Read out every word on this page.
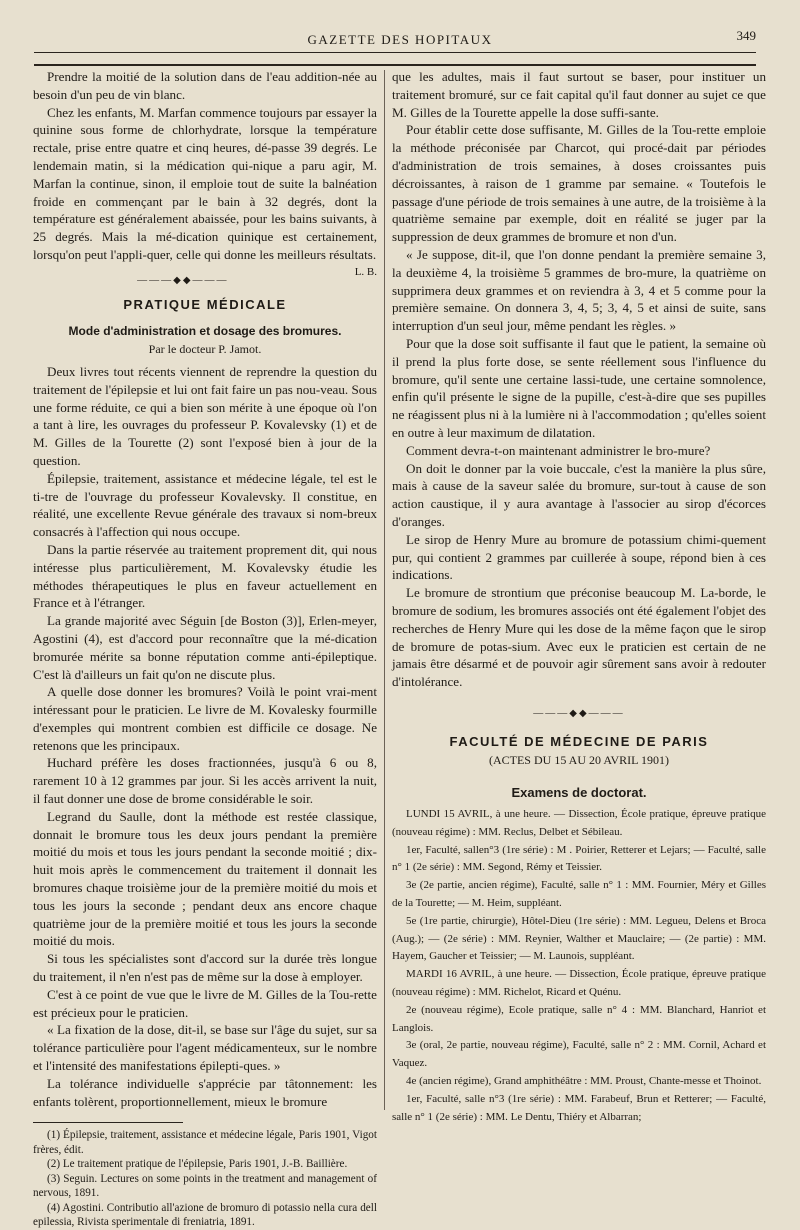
GAZETTE DES HOPITAUX	349

Prendre la moitié de la solution dans de l'eau addition-née au besoin d'un peu de vin blanc.

Chez les enfants, M. Marfan commence toujours par essayer la quinine sous forme de chlorhydrate, lorsque la température rectale, prise entre quatre et cinq heures, dé-passe 39 degrés. Le lendemain matin, si la médication qui-nique a paru agir, M. Marfan la continue, sinon, il emploie tout de suite la balnéation froide en commençant par le bain à 32 degrés, dont la température est généralement abaissée, pour les bains suivants, à 25 degrés. Mais la mé-dication quinique est certainement, lorsqu'on peut l'appli-quer, celle qui donne les meilleurs résultats.
L. B.

———◆◆———
PRATIQUE MÉDICALE
Mode d'administration et dosage des bromures.
Par le docteur P. Jamot.

Deux livres tout récents viennent de reprendre la question du traitement de l'épilepsie et lui ont fait faire un pas nou-veau. Sous une forme réduite, ce qui a bien son mérite à une époque où l'on a tant à lire, les ouvrages du professeur P. Kovalevsky (1) et de M. Gilles de la Tourette (2) sont l'exposé bien à jour de la question.

Épilepsie, traitement, assistance et médecine légale, tel est le ti-tre de l'ouvrage du professeur Kovalevsky. Il constitue, en réalité, une excellente Revue générale des travaux si nom-breux consacrés à l'affection qui nous occupe.

Dans la partie réservée au traitement proprement dit, qui nous intéresse plus particulièrement, M. Kovalevsky étudie les méthodes thérapeutiques le plus en faveur actuellement en France et à l'étranger.

La grande majorité avec Séguin [de Boston (3)], Erlen-meyer, Agostini (4), est d'accord pour reconnaître que la mé-dication bromurée mérite sa bonne réputation comme anti-épileptique. C'est là d'ailleurs un fait qu'on ne discute plus.

A quelle dose donner les bromures? Voilà le point vrai-ment intéressant pour le praticien. Le livre de M. Kovalesky fourmille d'exemples qui montrent combien est difficile ce dosage. Ne retenons que les principaux.

Huchard préfère les doses fractionnées, jusqu'à 6 ou 8, rarement 10 à 12 grammes par jour. Si les accès arrivent la nuit, il faut donner une dose de brome considérable le soir.

Legrand du Saulle, dont la méthode est restée classique, donnait le bromure tous les deux jours pendant la première moitié du mois et tous les jours pendant la seconde moitié ; dix-huit mois après le commencement du traitement il donnait les bromures chaque troisième jour de la première moitié du mois et tous les jours la seconde ; pendant deux ans encore chaque quatrième jour de la première moitié et tous les jours la seconde moitié du mois.

Si tous les spécialistes sont d'accord sur la durée très longue du traitement, il n'en n'est pas de même sur la dose à employer.

C'est à ce point de vue que le livre de M. Gilles de la Tou-rette est précieux pour le praticien.

« La fixation de la dose, dit-il, se base sur l'âge du sujet, sur sa tolérance particulière pour l'agent médicamenteux, sur le nombre et l'intensité des manifestations épilepti-ques. »

La tolérance individuelle s'apprécie par tâtonnement: les enfants tolèrent, proportionnellement, mieux le bromure

(1) Épilepsie, traitement, assistance et médecine légale, Paris 1901, Vigot frères, édit.

(2) Le traitement pratique de l'épilepsie, Paris 1901, J.-B. Baillière.

(3) Seguin. Lectures on some points in the treatment and management of nervous, 1891.

(4) Agostini. Contributio all'azione de bromuro di potassio nella cura dell epilessia, Rivista sperimentale di freniatria, 1891.

que les adultes, mais il faut surtout se baser, pour instituer un traitement bromuré, sur ce fait capital qu'il faut donner au sujet ce que M. Gilles de la Tourette appelle la dose suffi-sante.

Pour établir cette dose suffisante, M. Gilles de la Tou-rette emploie la méthode préconisée par Charcot, qui procé-dait par périodes d'administration de trois semaines, à doses croissantes puis décroissantes, à raison de 1 gramme par semaine. « Toutefois le passage d'une période de trois semaines à une autre, de la troisième à la quatrième semaine par exemple, doit en réalité se juger par la suppression de deux grammes de bromure et non d'un.

« Je suppose, dit-il, que l'on donne pendant la première semaine 3, la deuxième 4, la troisième 5 grammes de bro-mure, la quatrième on supprimera deux grammes et on reviendra à 3, 4 et 5 comme pour la première semaine. On donnera 3, 4, 5; 3, 4, 5 et ainsi de suite, sans interruption d'un seul jour, même pendant les règles. »

Pour que la dose soit suffisante il faut que le patient, la semaine où il prend la plus forte dose, se sente réellement sous l'influence du bromure, qu'il sente une certaine lassi-tude, une certaine somnolence, enfin qu'il présente le signe de la pupille, c'est-à-dire que ses pupilles ne réagissent plus ni à la lumière ni à l'accommodation ; qu'elles soient en outre à leur maximum de dilatation.

Comment devra-t-on maintenant administrer le bro-mure?

On doit le donner par la voie buccale, c'est la manière la plus sûre, mais à cause de la saveur salée du bromure, sur-tout à cause de son action caustique, il y aura avantage à l'associer au sirop d'écorces d'oranges.

Le sirop de Henry Mure au bromure de potassium chimi-quement pur, qui contient 2 grammes par cuillerée à soupe, répond bien à ces indications.

Le bromure de strontium que préconise beaucoup M. La-borde, le bromure de sodium, les bromures associés ont été également l'objet des recherches de Henry Mure qui les dose de la même façon que le sirop de bromure de potas-sium. Avec eux le praticien est certain de ne jamais être désarmé et de pouvoir agir sûrement sans avoir à redouter d'intolérance.

———◆◆———
FACULTÉ DE MÉDECINE DE PARIS
(ACTES DU 15 AU 20 AVRIL 1901)
Examens de doctorat.

LUNDI 15 AVRIL, à une heure. — Dissection, École pratique, épreuve pratique (nouveau régime) : MM. Reclus, Delbet et Sébileau.

1er, Faculté, sallen°3 (1re série) : M . Poirier, Retterer et Lejars; — Faculté, salle n° 1 (2e série) : MM. Segond, Rémy et Teissier.

3e (2e partie, ancien régime), Faculté, salle n° 1 : MM. Fournier, Méry et Gilles de la Tourette; — M. Heim, suppléant.

5e (1re partie, chirurgie), Hôtel-Dieu (1re série) : MM. Legueu, Delens et Broca (Aug.); — (2e série) : MM. Reynier, Walther et Mauclaire; — (2e partie) : MM. Hayem, Gaucher et Teissier; — M. Launois, suppléant.

MARDI 16 AVRIL, à une heure. — Dissection, École pratique, épreuve pratique (nouveau régime) : MM. Richelot, Ricard et Quénu.

2e (nouveau régime), Ecole pratique, salle n° 4 : MM. Blanchard, Hanriot et Langlois.

3e (oral, 2e partie, nouveau régime), Faculté, salle n° 2 : MM. Cornil, Achard et Vaquez.

4e (ancien régime), Grand amphithéâtre : MM. Proust, Chante-messe et Thoinot.

1er, Faculté, salle n°3 (1re série) : MM. Farabeuf, Brun et Retterer; — Faculté, salle n° 1 (2e série) : MM. Le Dentu, Thiéry et Albarran;
